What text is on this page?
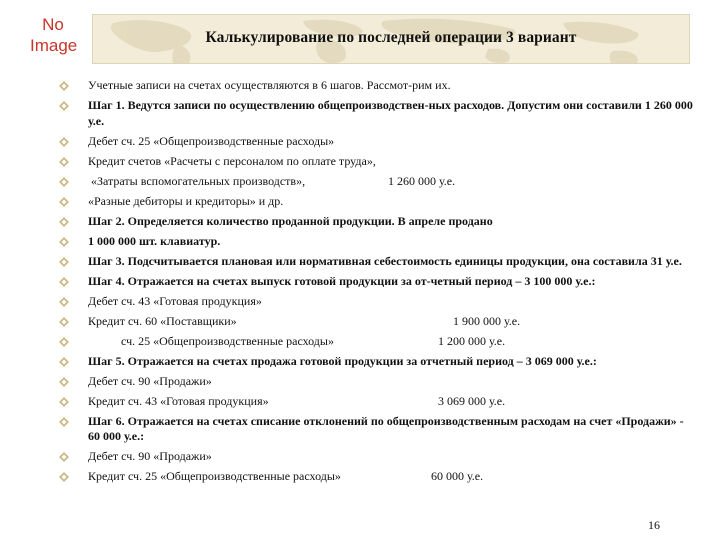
No
Image	Калькулирование по последней операции 3 вариант
Учетные записи на счетах осуществляются в 6 шагов. Рассмот-рим их.
Шаг 1. Ведутся записи по осуществлению общепроизводствен-ных расходов. Допустим они составили 1 260 000 у.е.
Дебет сч. 25 «Общепроизводственные расходы»
Кредит счетов «Расчеты с персоналом по оплате труда»,
«Затраты вспомогательных производств»,	1 260 000 у.е.
«Разные дебиторы и кредиторы» и др.
Шаг 2. Определяется количество проданной продукции. В апреле продано
1 000 000 шт. клавиатур.
Шаг 3. Подсчитывается плановая или нормативная себестоимость единицы продукции, она составила 31 у.е.
Шаг 4. Отражается на счетах выпуск готовой продукции за от-четный период – 3 100 000 у.е.:
Дебет сч. 43 «Готовая продукция»
Кредит сч. 60 «Поставщики»	1 900 000 у.е.
сч. 25 «Общепроизводственные расходы»	1 200 000 у.е.
Шаг 5. Отражается на счетах продажа готовой продукции за отчетный период – 3 069 000 у.е.:
Дебет сч. 90 «Продажи»
Кредит сч. 43 «Готовая продукция»	3 069 000 у.е.
Шаг 6. Отражается на счетах списание отклонений по общепроизводственным расходам на счет «Продажи» - 60 000 у.е.:
Дебет сч. 90 «Продажи»
Кредит сч. 25 «Общепроизводственные расходы»	60 000 у.е.
16
